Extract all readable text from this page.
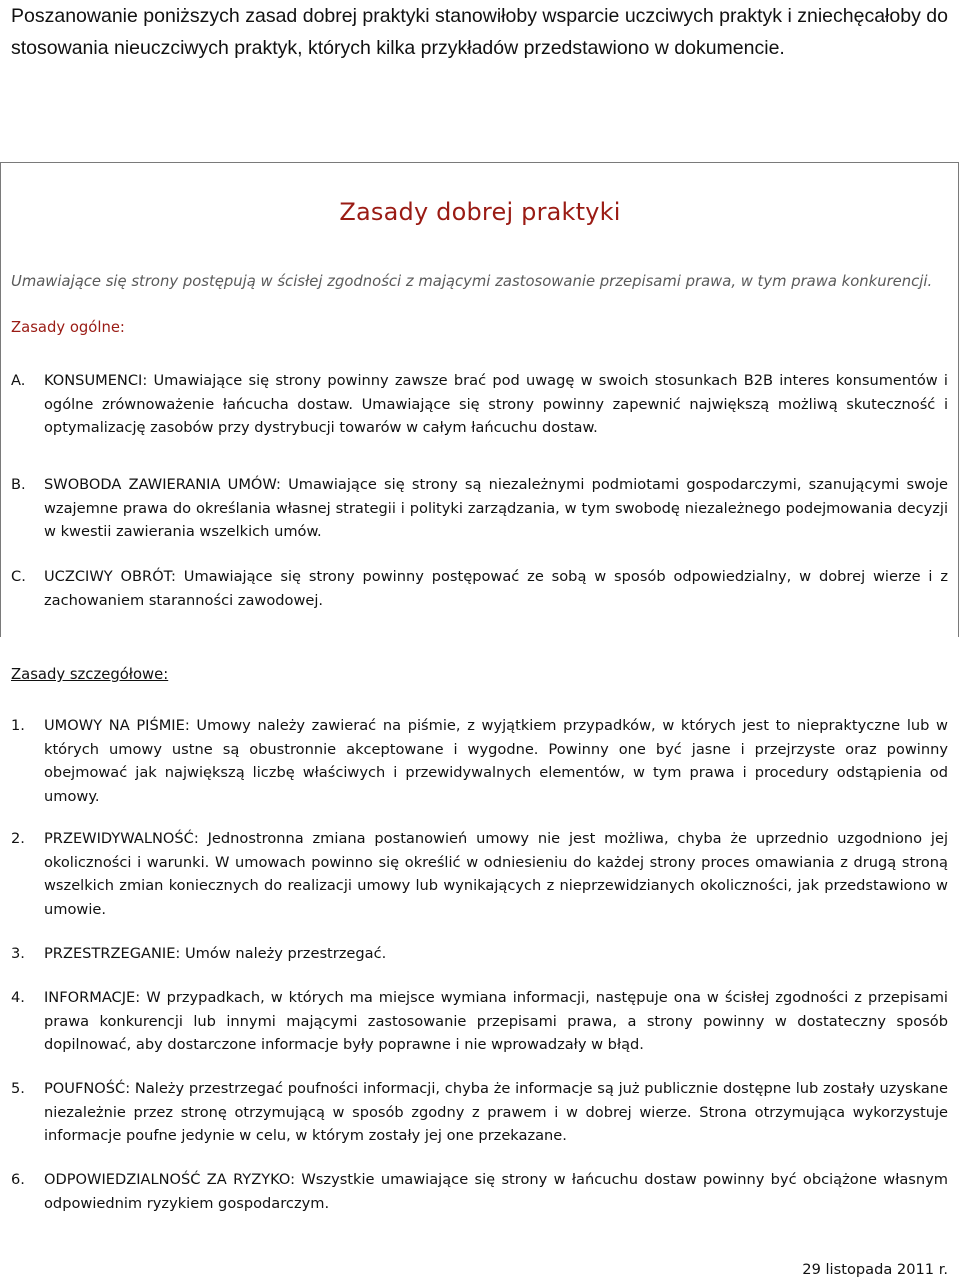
Poszanowanie poniższych zasad dobrej praktyki stanowiłoby wsparcie uczciwych praktyk i zniechęcałoby do stosowania nieuczciwych praktyk, których kilka przykładów przedstawiono w dokumencie.
Zasady dobrej praktyki
Umawiające się strony postępują w ścisłej zgodności z mającymi zastosowanie przepisami prawa, w tym prawa konkurencji.
Zasady ogólne:
A. KONSUMENCI: Umawiające się strony powinny zawsze brać pod uwagę w swoich stosunkach B2B interes konsumentów i ogólne zrównoważenie łańcucha dostaw. Umawiające się strony powinny zapewnić największą możliwą skuteczność i optymalizację zasobów przy dystrybucji towarów w całym łańcuchu dostaw.
B. SWOBODA ZAWIERANIA UMÓW: Umawiające się strony są niezależnymi podmiotami gospodarczymi, szanującymi swoje wzajemne prawa do określania własnej strategii i polityki zarządzania, w tym swobodę niezależnego podejmowania decyzji w kwestii zawierania wszelkich umów.
C. UCZCIWY OBRÓT: Umawiające się strony powinny postępować ze sobą w sposób odpowiedzialny, w dobrej wierze i z zachowaniem staranności zawodowej.
Zasady szczegółowe:
1. UMOWY NA PIŚMIE: Umowy należy zawierać na piśmie, z wyjątkiem przypadków, w których jest to niepraktyczne lub w których umowy ustne są obustronnie akceptowane i wygodne. Powinny one być jasne i przejrzyste oraz powinny obejmować jak największą liczbę właściwych i przewidywalnych elementów, w tym prawa i procedury odstąpienia od umowy.
2. PRZEWIDYWALNOŚĆ: Jednostronna zmiana postanowień umowy nie jest możliwa, chyba że uprzednio uzgodniono jej okoliczności i warunki. W umowach powinno się określić w odniesieniu do każdej strony proces omawiania z drugą stroną wszelkich zmian koniecznych do realizacji umowy lub wynikających z nieprzewidzianych okoliczności, jak przedstawiono w umowie.
3. PRZESTRZEGANIE: Umów należy przestrzegać.
4. INFORMACJE: W przypadkach, w których ma miejsce wymiana informacji, następuje ona w ścisłej zgodności z przepisami prawa konkurencji lub innymi mającymi zastosowanie przepisami prawa, a strony powinny w dostateczny sposób dopilnować, aby dostarczone informacje były poprawne i nie wprowadzały w błąd.
5. POUFNOŚĆ: Należy przestrzegać poufności informacji, chyba że informacje są już publicznie dostępne lub zostały uzyskane niezależnie przez stronę otrzymującą w sposób zgodny z prawem i w dobrej wierze. Strona otrzymująca wykorzystuje informacje poufne jedynie w celu, w którym zostały jej one przekazane.
6. ODPOWIEDZIALNOŚĆ ZA RYZYKO: Wszystkie umawiające się strony w łańcuchu dostaw powinny być obciążone własnym odpowiednim ryzykiem gospodarczym.
29 listopada 2011 r.
